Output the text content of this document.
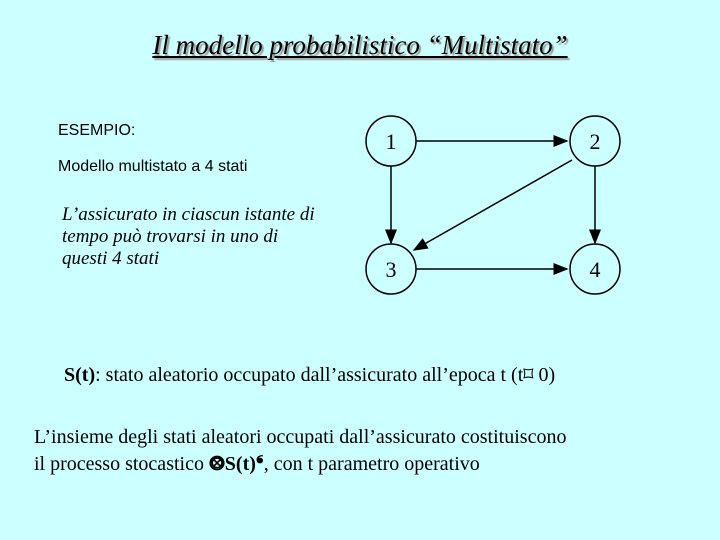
Il modello probabilistico “Multistato”
ESEMPIO:
Modello multistato a 4 stati
L’assicurato in ciascun istante di tempo può trovarsi in uno di questi 4 stati
1	2
3	4
S(t): stato aleatorio occupato dall’assicurato all’epoca t (t⌑ 0)
L’insieme degli stati aleatori occupati dall’assicurato costituiscono
il processo stocastico ⨷S(t)❛, con t parametro operativo
